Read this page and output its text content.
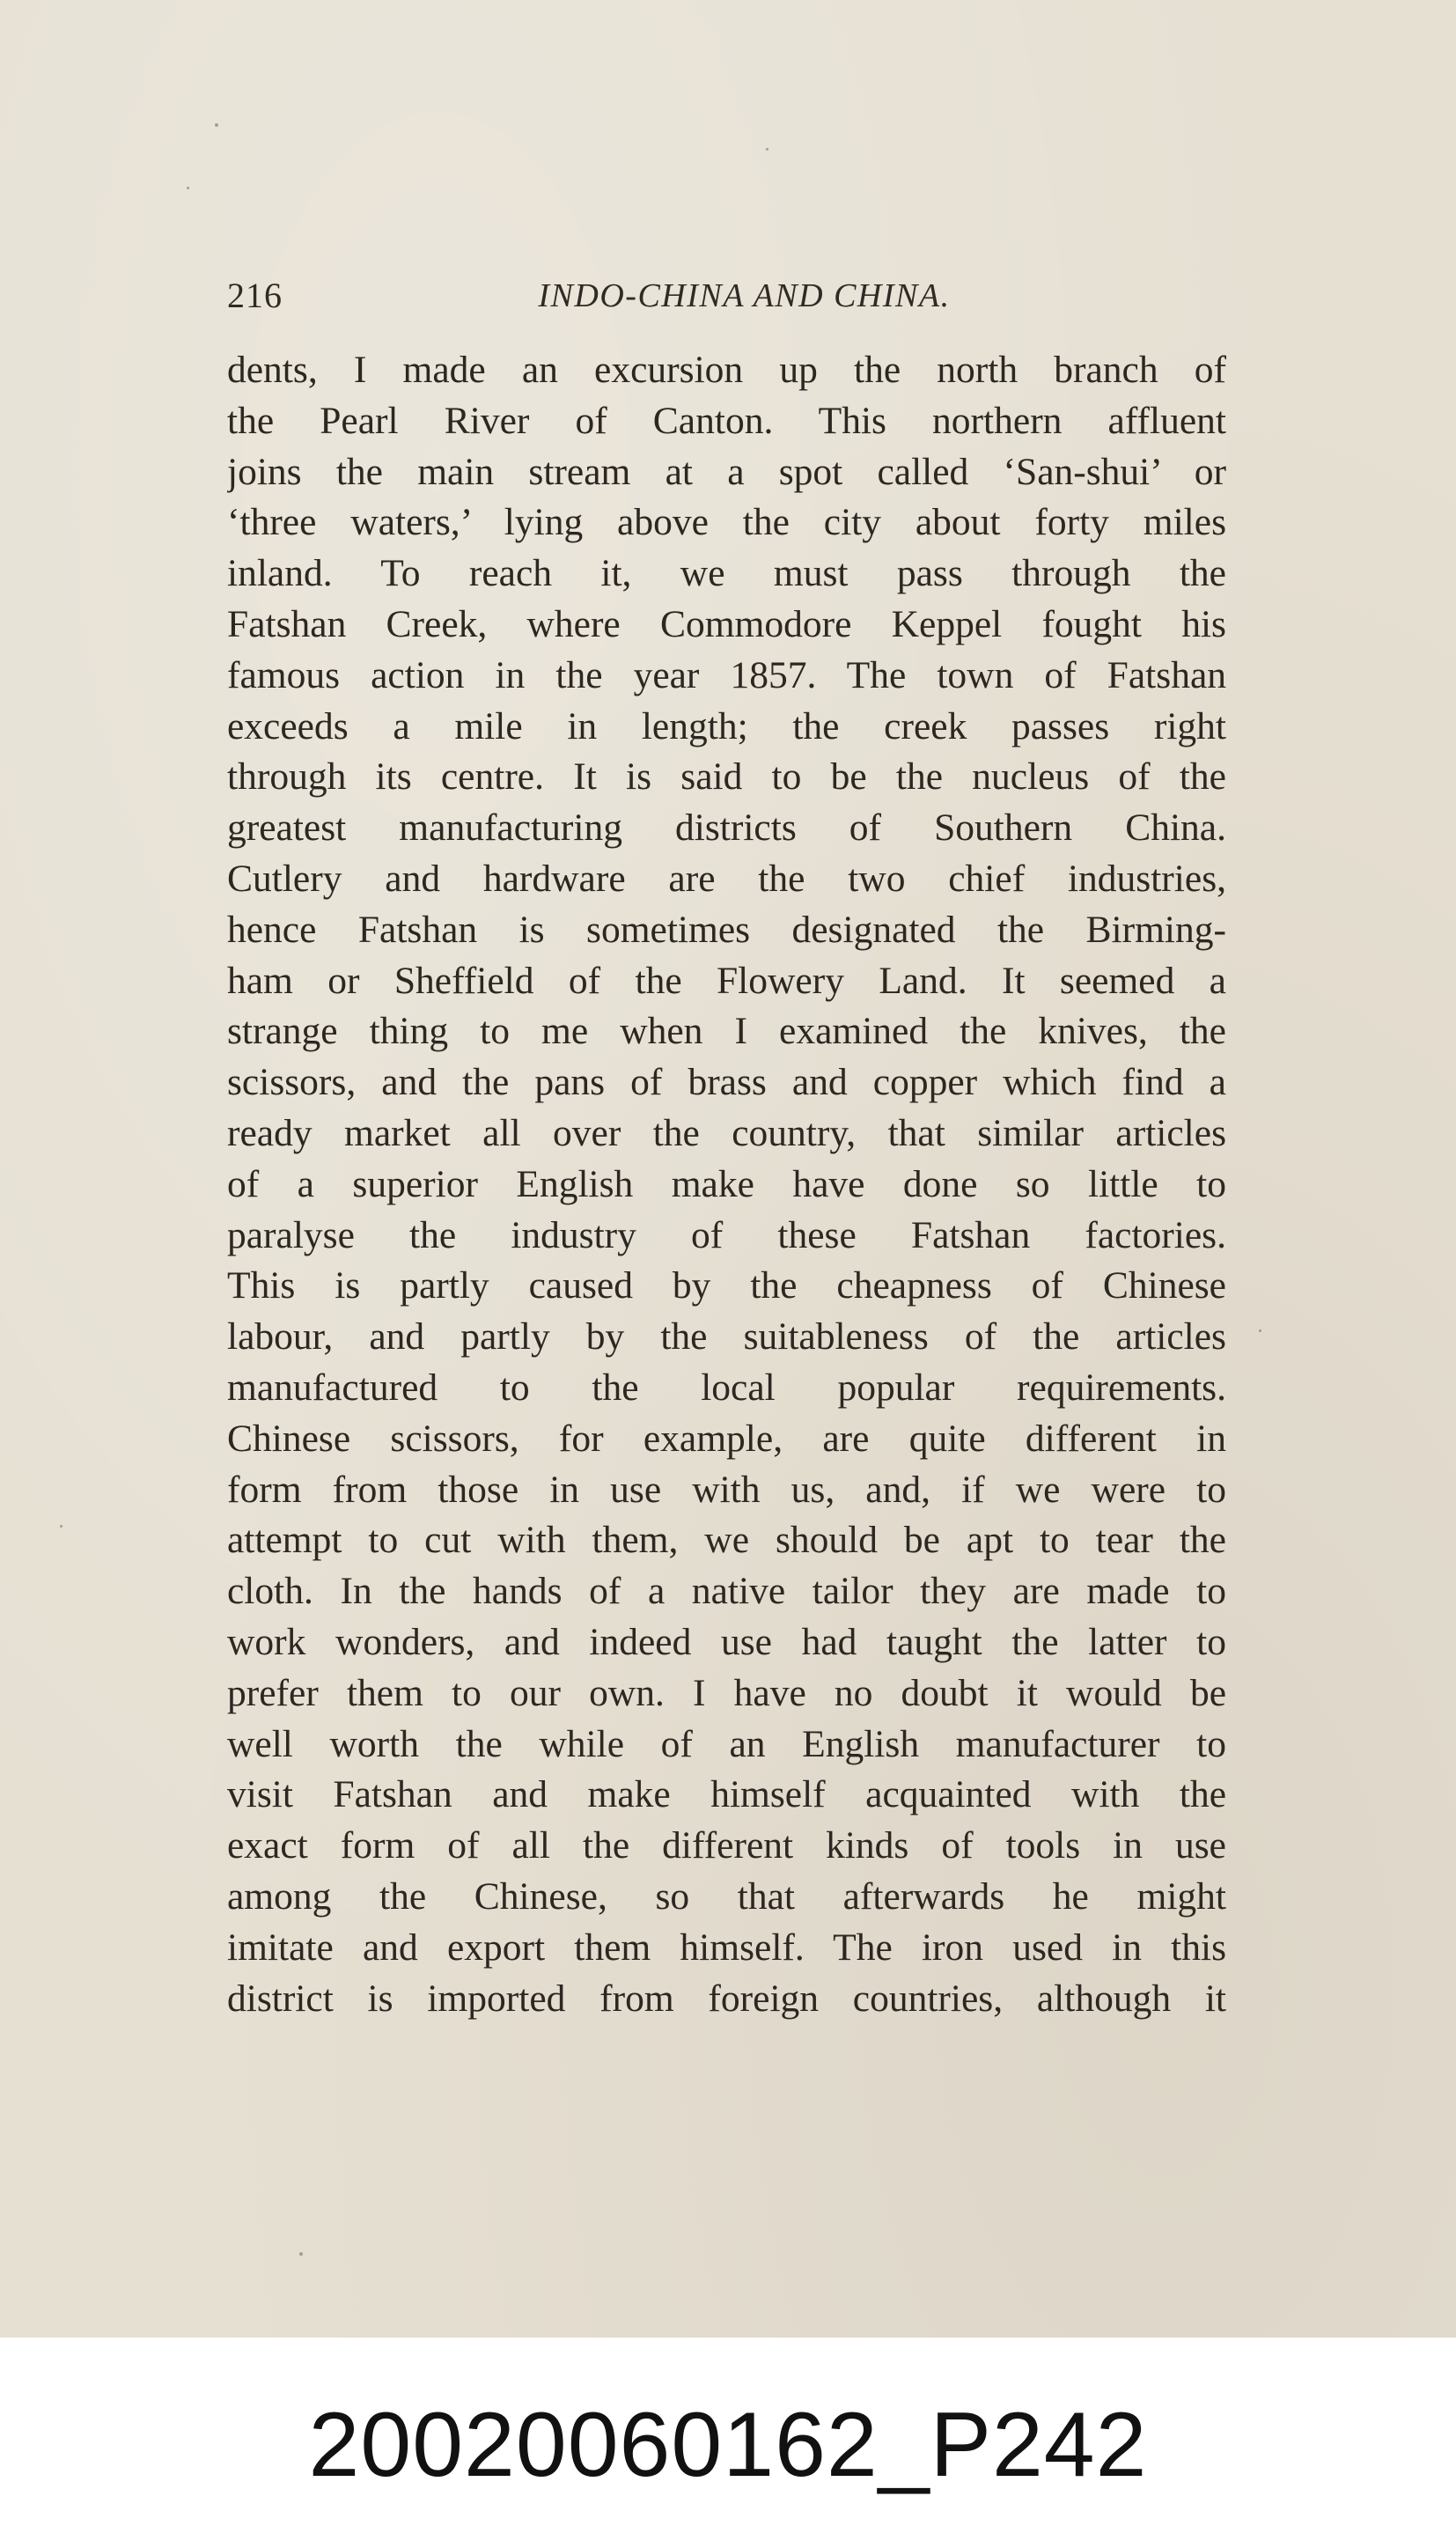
216	INDO-CHINA AND CHINA.
dents, I made an excursion up the north branch of
the Pearl River of Canton. This northern affluent
joins the main stream at a spot called ‘San-shui’ or
‘three waters,’ lying above the city about forty miles
inland. To reach it, we must pass through the
Fatshan Creek, where Commodore Keppel fought his
famous action in the year 1857. The town of Fatshan
exceeds a mile in length; the creek passes right
through its centre. It is said to be the nucleus of the
greatest manufacturing districts of Southern China.
Cutlery and hardware are the two chief industries,
hence Fatshan is sometimes designated the Birming-
ham or Sheffield of the Flowery Land. It seemed a
strange thing to me when I examined the knives, the
scissors, and the pans of brass and copper which find a
ready market all over the country, that similar articles
of a superior English make have done so little to
paralyse the industry of these Fatshan factories.
This is partly caused by the cheapness of Chinese
labour, and partly by the suitableness of the articles
manufactured to the local popular requirements.
Chinese scissors, for example, are quite different in
form from those in use with us, and, if we were to
attempt to cut with them, we should be apt to tear the
cloth. In the hands of a native tailor they are made to
work wonders, and indeed use had taught the latter to
prefer them to our own. I have no doubt it would be
well worth the while of an English manufacturer to
visit Fatshan and make himself acquainted with the
exact form of all the different kinds of tools in use
among the Chinese, so that afterwards he might
imitate and export them himself. The iron used in this
district is imported from foreign countries, although it
20020060162_P242
